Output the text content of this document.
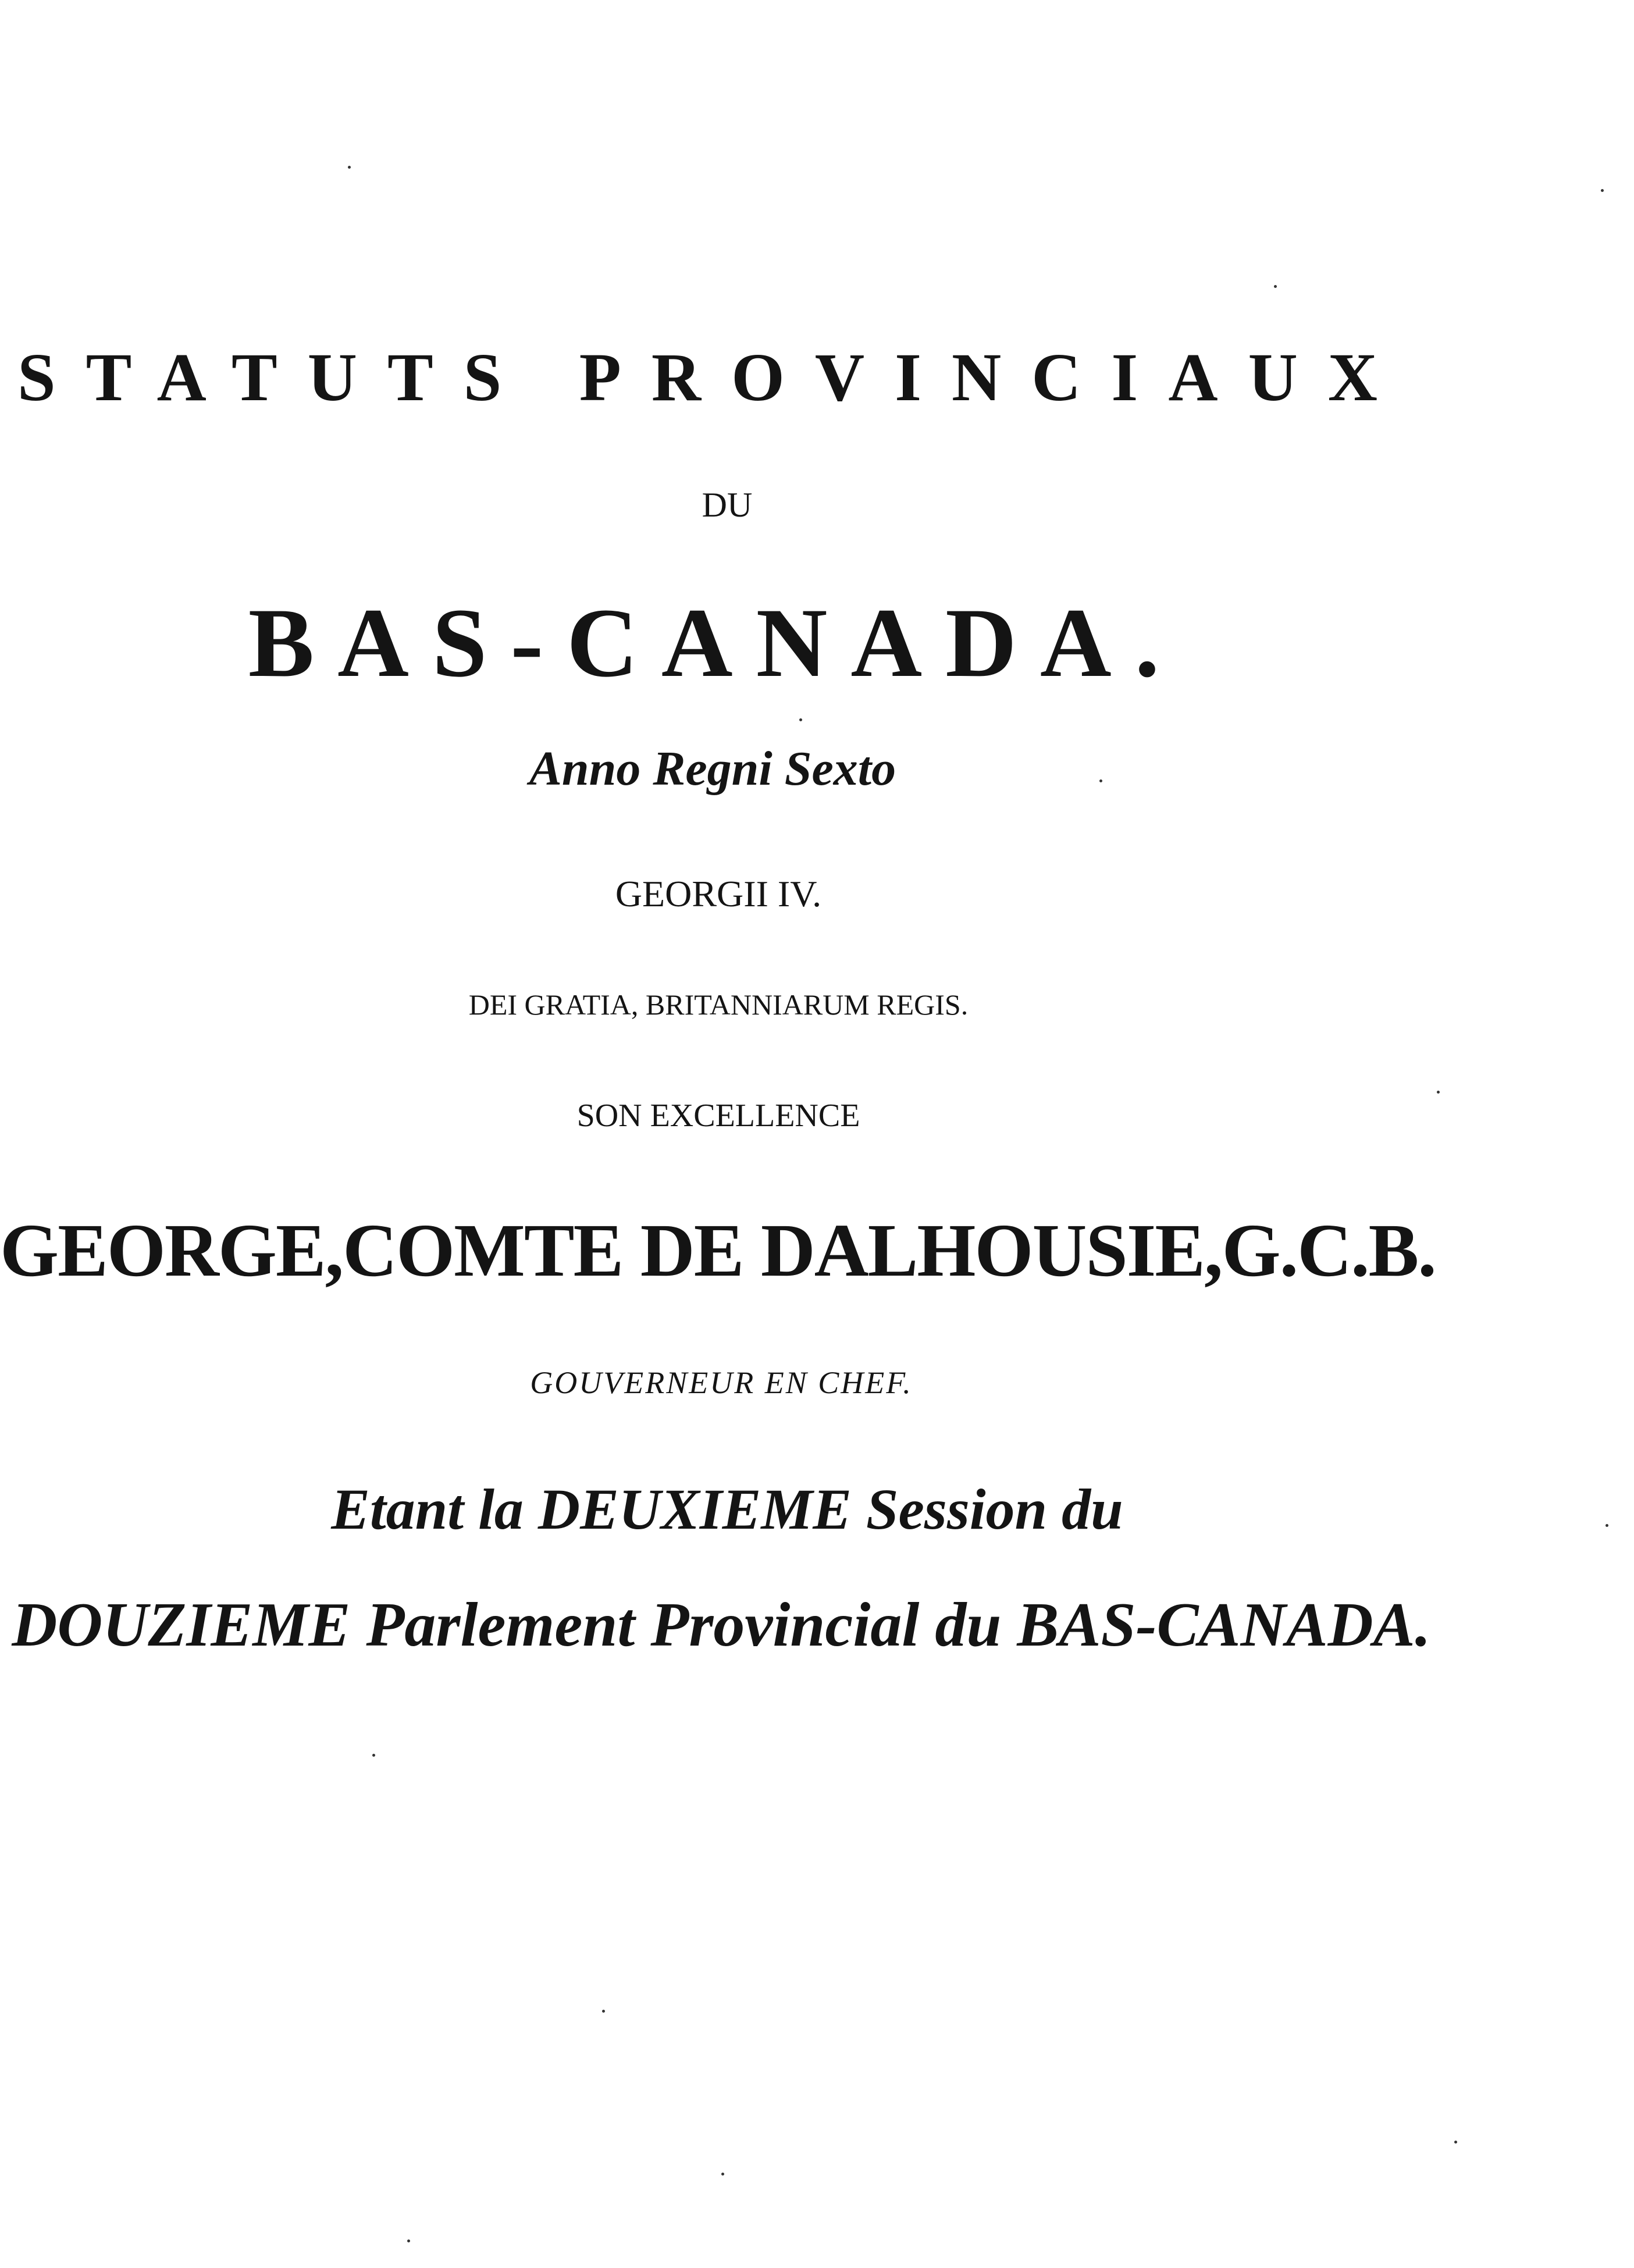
STATUTS PROVINCIAUX
DU
BAS-CANADA.
Anno Regni Sexto
GEORGII IV.
DEI GRATIA, BRITANNIARUM REGIS.
SON EXCELLENCE
GEORGE,COMTE DE DALHOUSIE,G.C.B.
GOUVERNEUR EN CHEF.
Etant la DEUXIEME Session du
DOUZIEME Parlement Provincial du BAS-CANADA.
